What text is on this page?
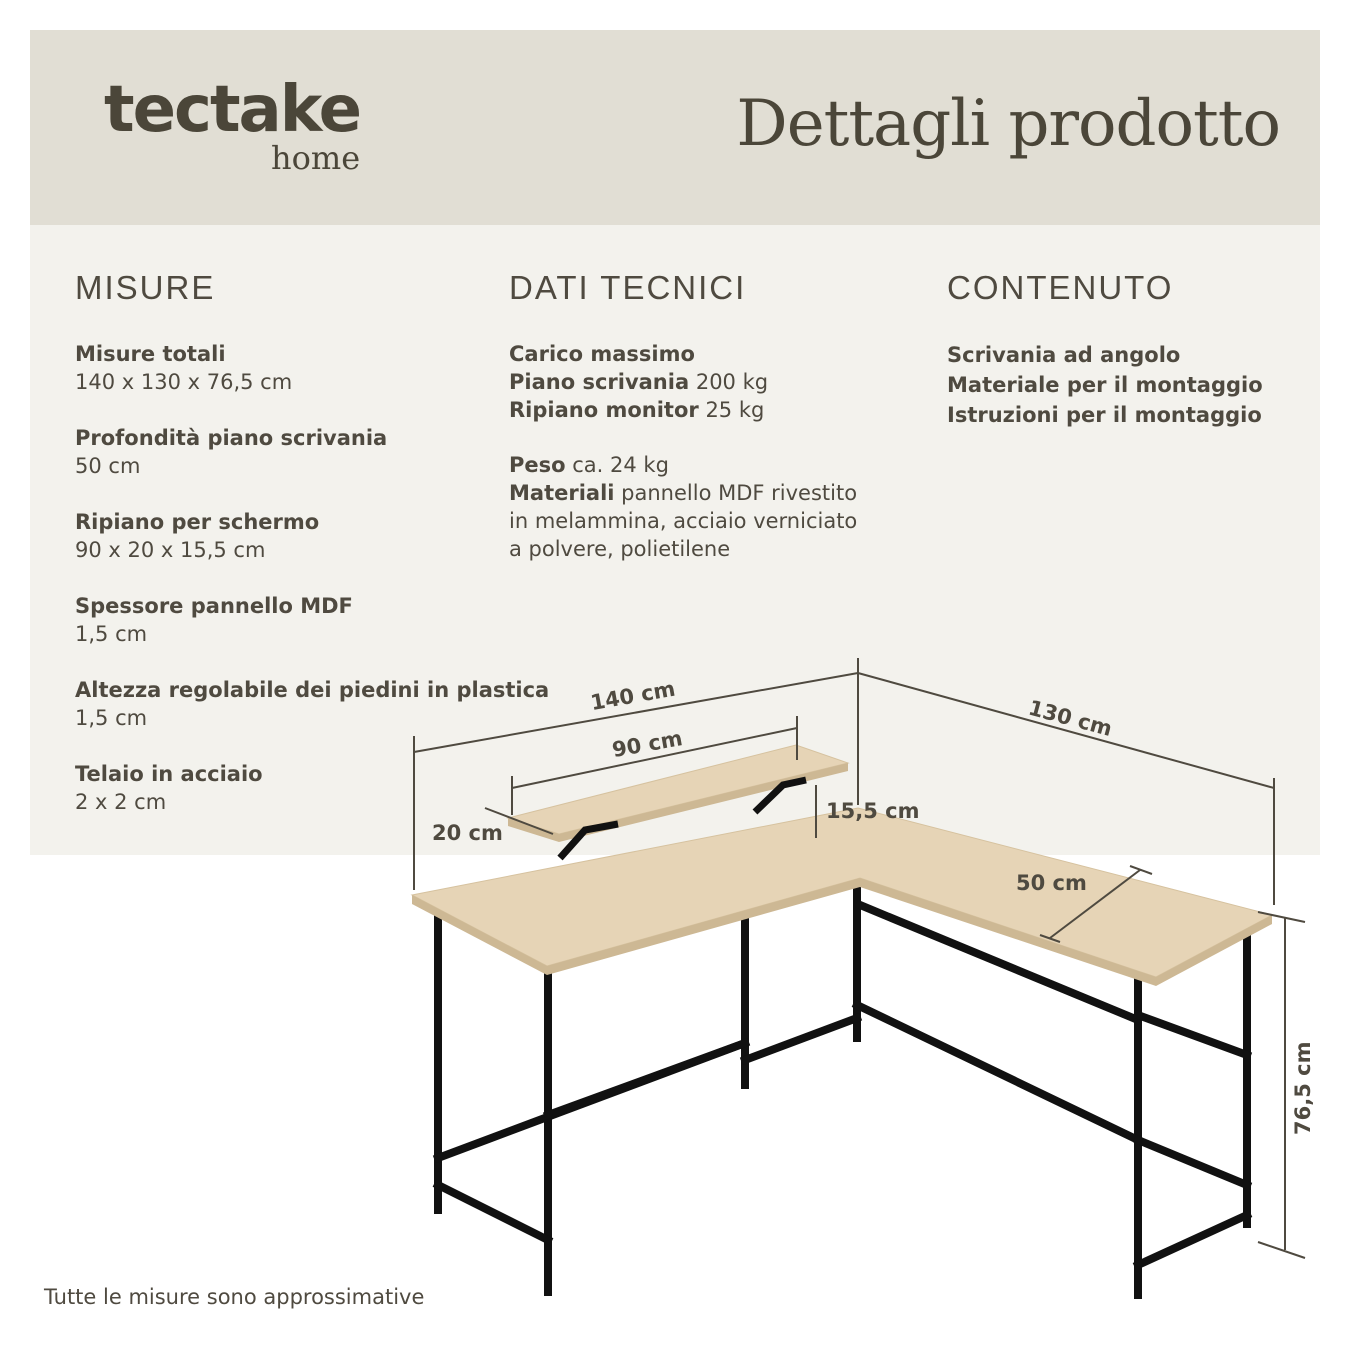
tectake
home	Dettagli prodotto
MISURE
Misure totali
140 x 130 x 76,5 cm
Profondità piano scrivania
50 cm
Ripiano per schermo
90 x 20 x 15,5 cm
Spessore pannello MDF
1,5 cm
Altezza regolabile dei piedini in plastica
1,5 cm
Telaio in acciaio
2 x 2 cm
DATI TECNICI
Carico massimo
Piano scrivania 200 kg
Ripiano monitor 25 kg
Peso ca. 24 kg
Materiali pannello MDF rivestito
in melammina, acciaio verniciato
a polvere, polietilene
CONTENUTO
Scrivania ad angolo
Materiale per il montaggio
Istruzioni per il montaggio
140 cm	130 cm
90 cm
20 cm
15,5 cm
50 cm
76,5 cm
Tutte le misure sono approssimative
